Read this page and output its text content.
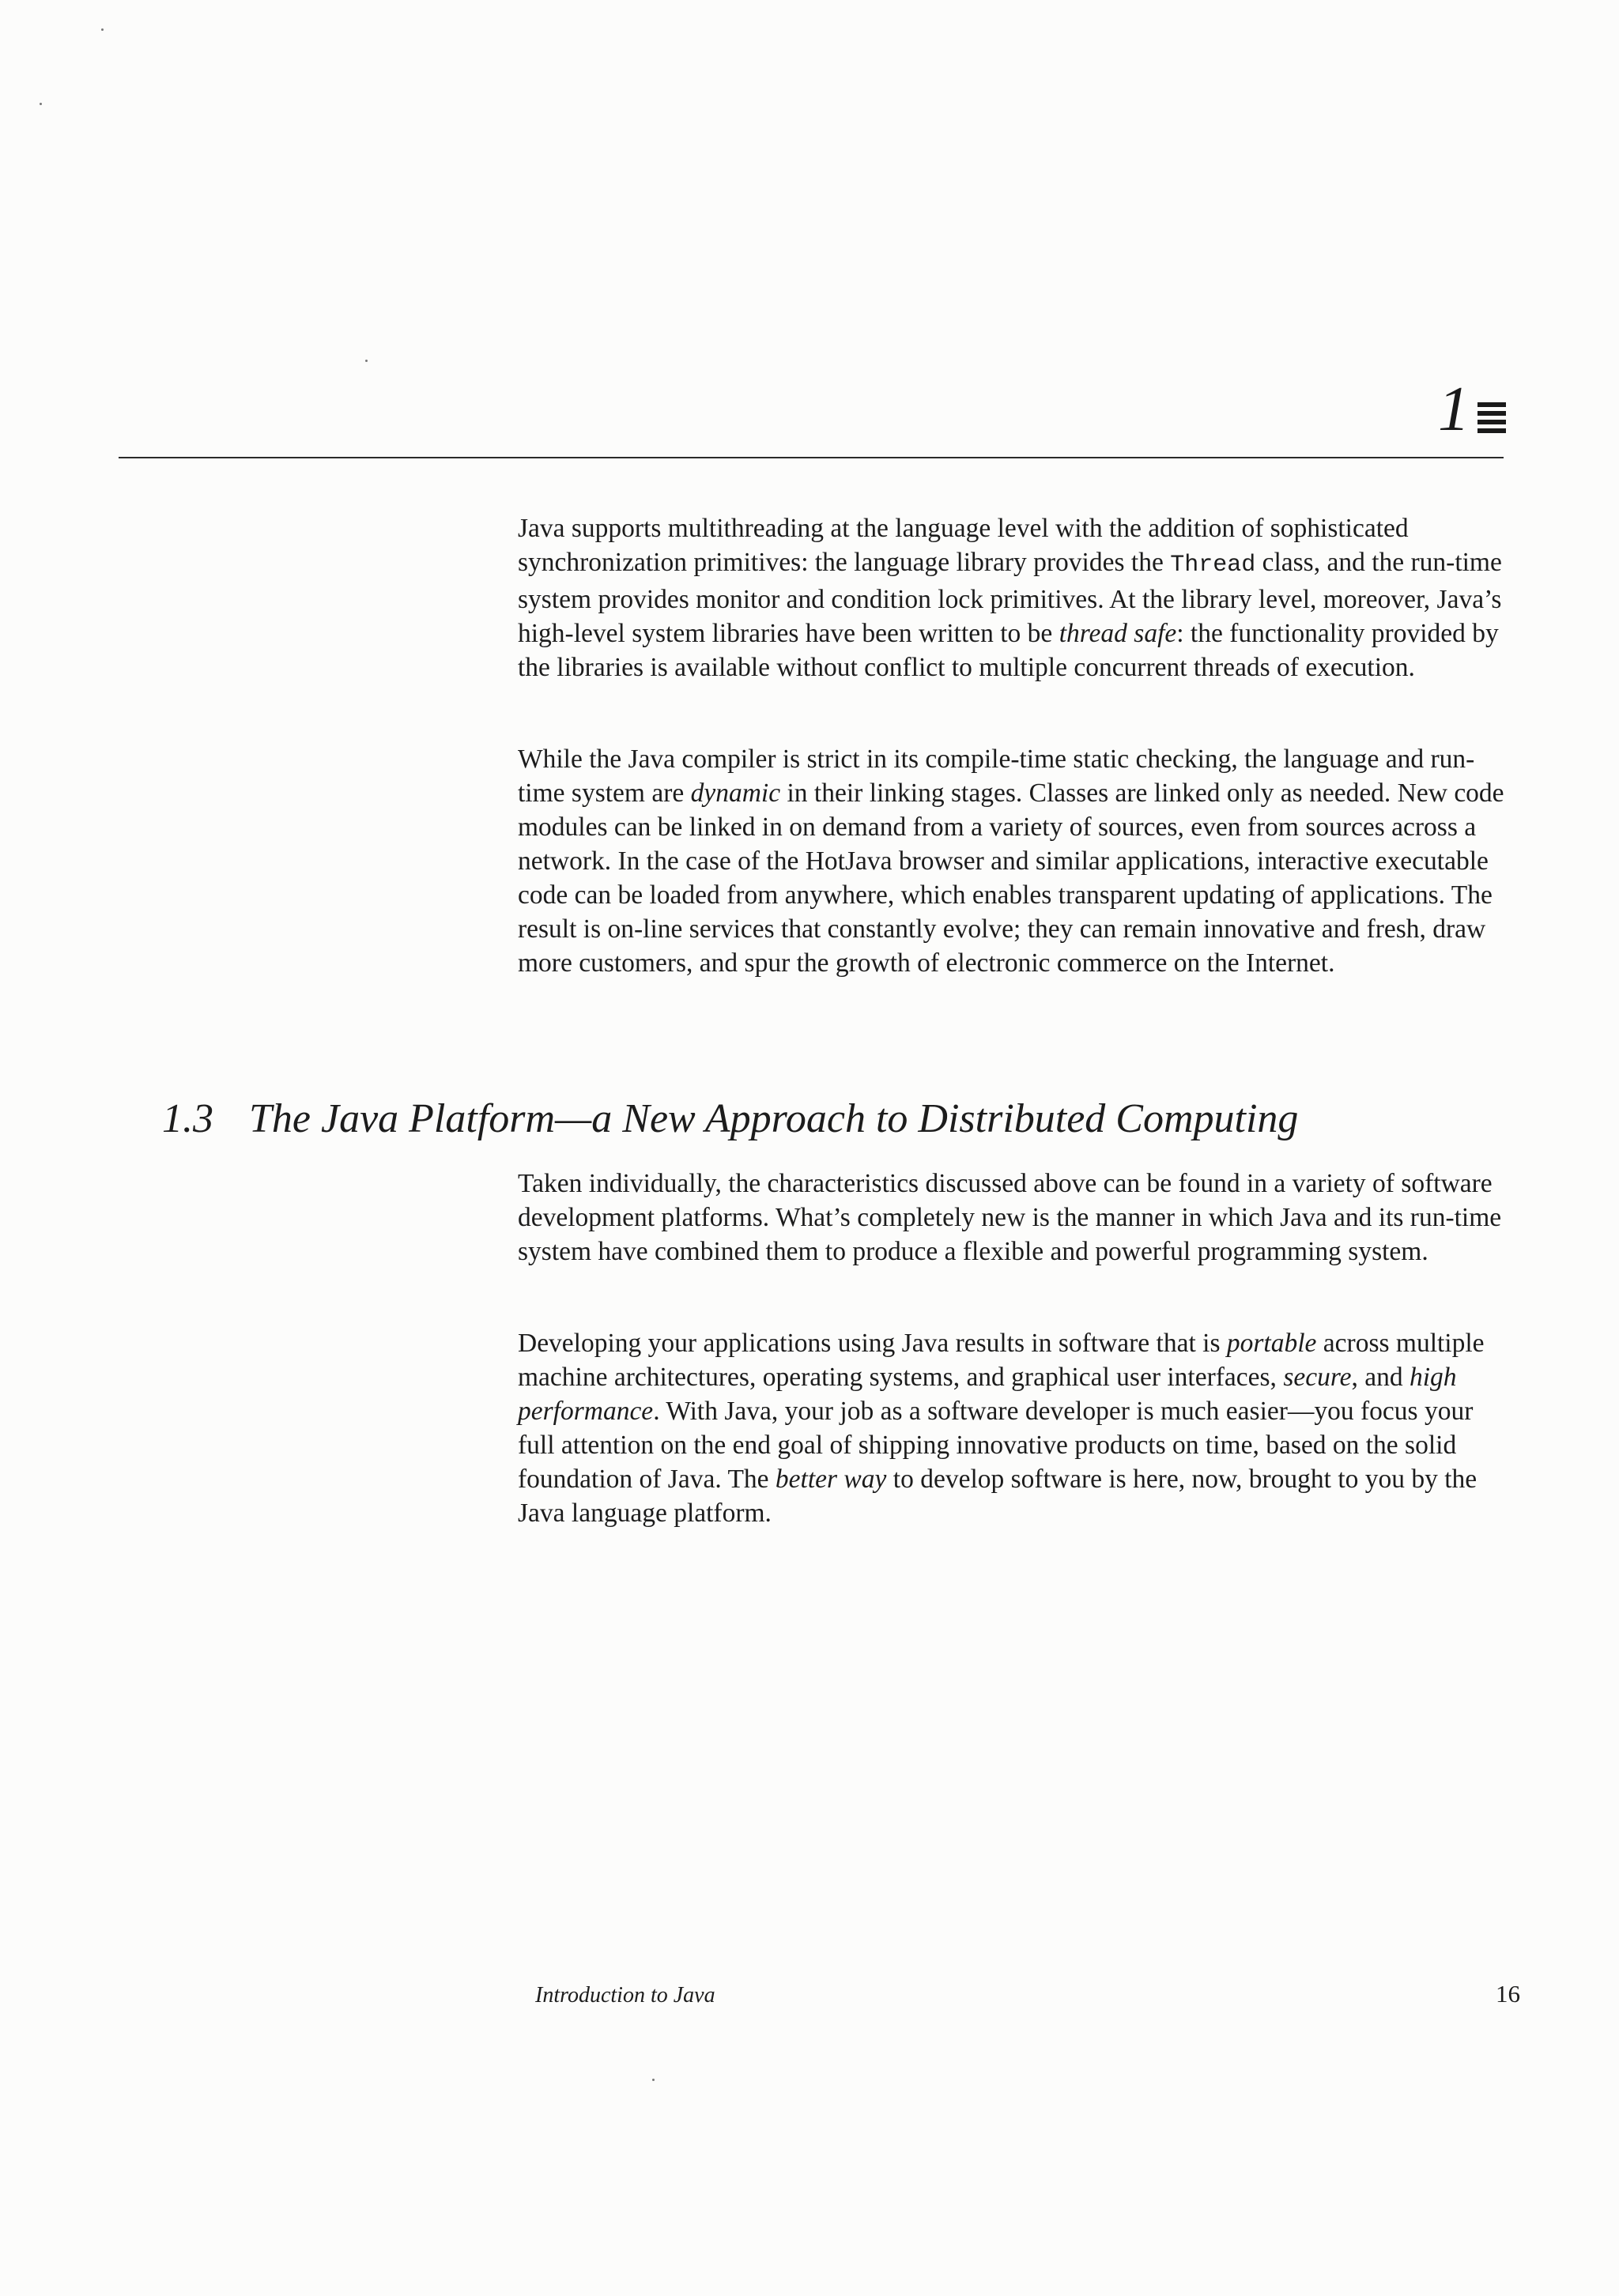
1

Java supports multithreading at the language level with the addition of sophisticated synchronization primitives: the language library provides the Thread class, and the run-time system provides monitor and condition lock primitives. At the library level, moreover, Java’s high-level system libraries have been written to be thread safe: the functionality provided by the libraries is available without conflict to multiple concurrent threads of execution.

While the Java compiler is strict in its compile-time static checking, the language and run-time system are dynamic in their linking stages. Classes are linked only as needed. New code modules can be linked in on demand from a variety of sources, even from sources across a network. In the case of the HotJava browser and similar applications, interactive executable code can be loaded from anywhere, which enables transparent updating of applications. The result is on-line services that constantly evolve; they can remain innovative and fresh, draw more customers, and spur the growth of electronic commerce on the Internet.

1.3 The Java Platform—a New Approach to Distributed Computing

Taken individually, the characteristics discussed above can be found in a variety of software development platforms. What’s completely new is the manner in which Java and its run-time system have combined them to produce a flexible and powerful programming system.

Developing your applications using Java results in software that is portable across multiple machine architectures, operating systems, and graphical user interfaces, secure, and high performance. With Java, your job as a software developer is much easier—you focus your full attention on the end goal of shipping innovative products on time, based on the solid foundation of Java. The better way to develop software is here, now, brought to you by the Java language platform.

Introduction to Java	16
